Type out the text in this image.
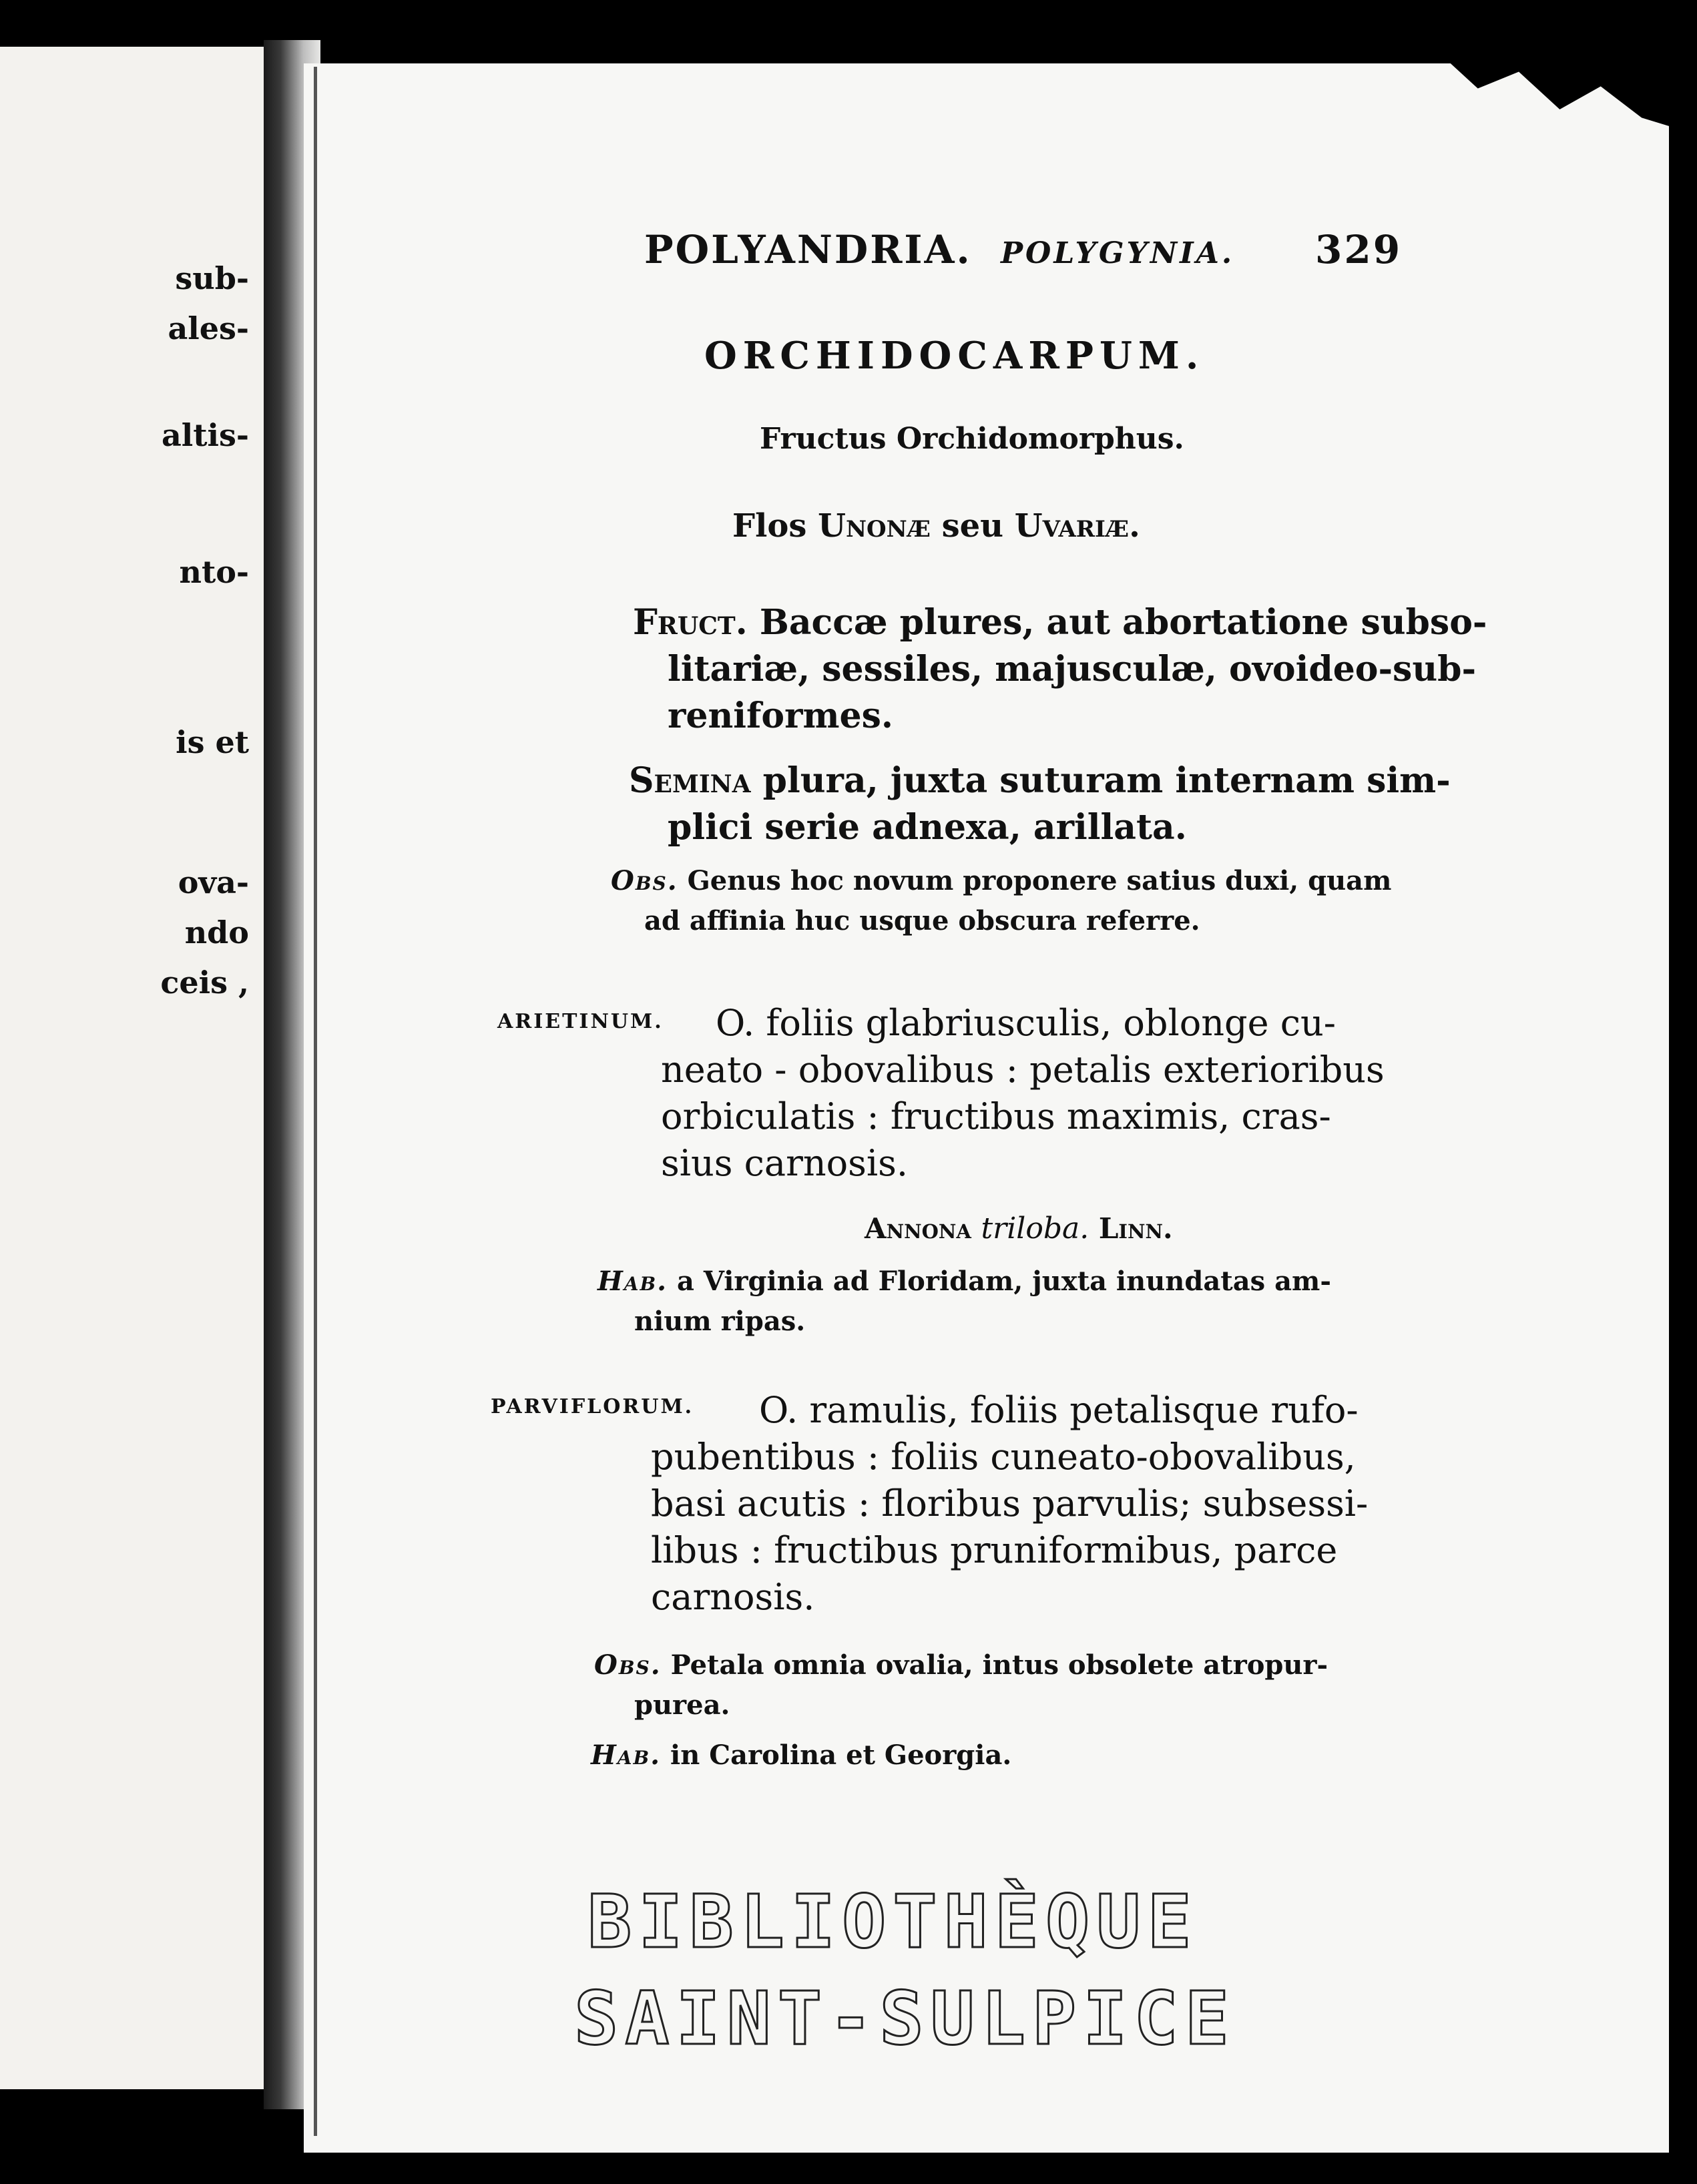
sub-
ales-
altis-
nto-
is et
ova-
ndo
ceis ,
POLYANDRIA. POLYGYNIA. 329
ORCHIDOCARPUM.
Fructus Orchidomorphus.
Flos Unonæ seu Uvariæ.
Fruct. Baccæ plures, aut abortatione subso-
litariæ, sessiles, majusculæ, ovoideo-sub-
reniformes.
Semina plura, juxta suturam internam sim-
plici serie adnexa, arillata.
Obs. Genus hoc novum proponere satius duxi, quam
ad affinia huc usque obscura referre.
ARIETINUM. O. foliis glabriusculis, oblonge cu-
neato - obovalibus : petalis exterioribus
orbiculatis : fructibus maximis, cras-
sius carnosis.
Annona triloba. Linn.
Hab. a Virginia ad Floridam, juxta inundatas am-
nium ripas.
PARVIFLORUM. O. ramulis, foliis petalisque rufo-
pubentibus : foliis cuneato-obovalibus,
basi acutis : floribus parvulis; subsessi-
libus : fructibus pruniformibus, parce
carnosis.
Obs. Petala omnia ovalia, intus obsolete atropur-
purea.
Hab. in Carolina et Georgia.
BIBLIOTHÈQUE
SAINT-SULPICE
